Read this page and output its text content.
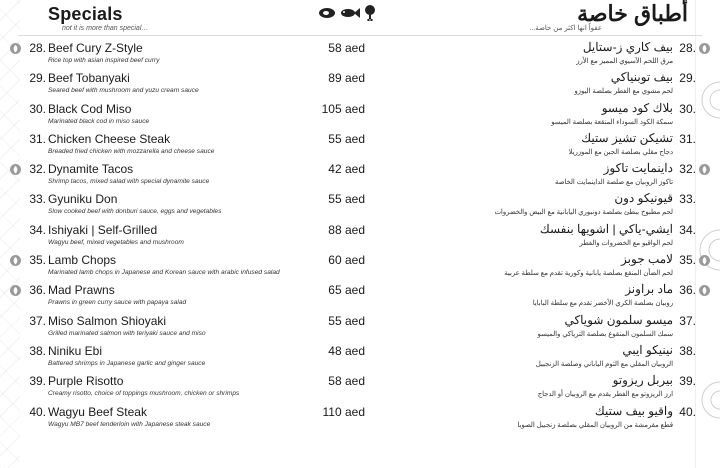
Specials
not it is more than special…
أطباق خاصة
عفواً انها اكثر من خاصة...
28. Beef Cury Z-Style
Rice top with asian inspired beef curry
58 aed	.28
بيف كاري ز-ستايل
مرق اللحم الآسيوي المميز مع الأرز
29. Beef Tobanyaki
Seared beef with mushroom and yuzu cream sauce
89 aed	.29
بيف توبنياكي
لحم مشوي مع الفطر بصلصة اليوزو
30. Black Cod Miso
Marinated black cod in miso sauce
105 aed	.30
بلاك كود ميسو
سمكة الكود السوداء المنقعة بصلصة الميسو
31. Chicken Cheese Steak
Breaded fried chicken with mozzarella and cheese sauce
55 aed	.31
تشيكن تشيز ستيك
دجاج مقلي بصلصة الجبن مع الموزريلا
32. Dynamite Tacos
Shrimp tacos, mixed salad with special dynamite sauce
42 aed	.32
داينمايت تاكوز
تاكوز الروبيان مع صلصة الداينمايت الخاصة
33. Gyuniku Don
Slow cooked beef with donburi sauce, eggs and vegetables
55 aed	.33
قيونيكو دون
لحم مطبوخ ببطئ بصلصة دونبوري اليابانية مع البيض والخضروات
34. Ishiyaki | Self-Grilled
Wagyu beef, mixed vegetables and mushroom
88 aed	.34
ايشي-ياكي | اشويها بنفسك
لحم الواقيو مع الخضروات والفطر
35. Lamb Chops
Marinated lamb chops in Japanese and Korean sauce with arabic infused salad
60 aed	.35
لامب جوبز
لحم الضأن المنقع بصلصة يابانية وكورية تقدم مع سلطة عربية
36. Mad Prawns
Prawns in green curry sauce with papaya salad
65 aed	.36
ماد براونز
روبيان بصلصة الكري الأخضر تقدم مع سلطة البابايا
37. Miso Salmon Shioyaki
Grilled marinated salmon with teriyaki sauce and miso
55 aed	.37
ميسو سلمون شوياكي
سمك السلمون المنقوع بصلصة الترياكي والميسو
38. Niniku Ebi
Battered shrimps in Japanese garlic and ginger sauce
48 aed	.38
نينيكو ايبي
الروبيان المقلي مع الثوم الياباني وصلصة الزنجبيل
39. Purple Risotto
Creamy risotto, choice of toppings mushroom, chicken or shrimps
58 aed	.39
بيربل ريزوتو
ارز الريزوتو مع الفطر يقدم مع الروبيان أو الدجاج
40. Wagyu Beef Steak
Wagyu MB7 beef tenderloin with Japanese steak sauce
110 aed	.40
واقيو بيف ستيك
قطع مقرمشة من الروبيان المقلي بصلصة زنجبيل الصويا
